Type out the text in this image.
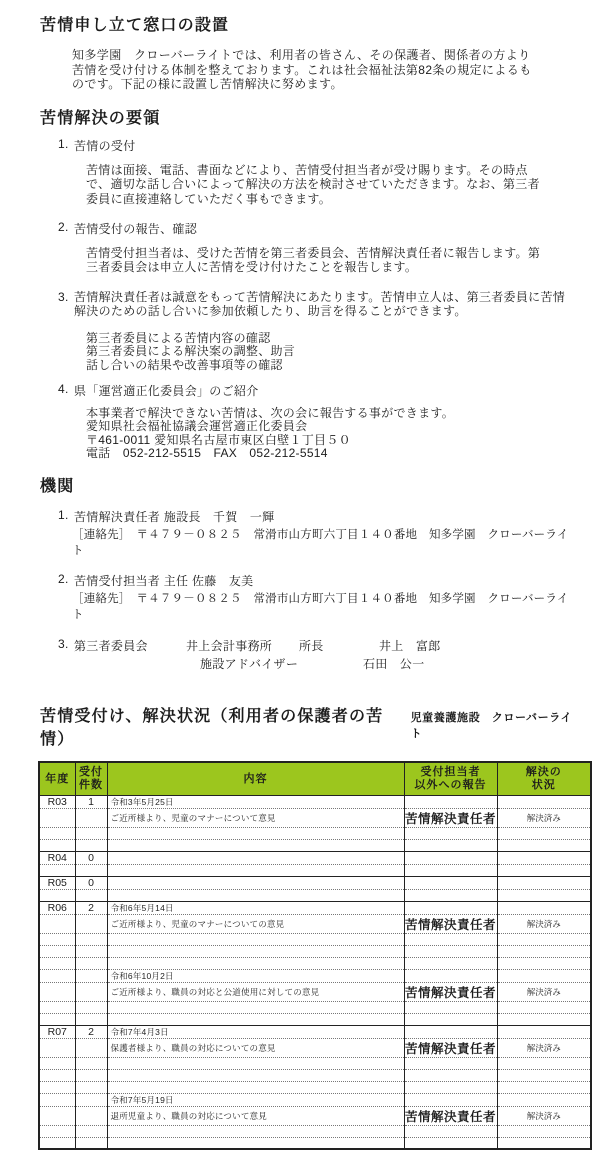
苦情申し立て窓口の設置

知多学園　クローバーライトでは、利用者の皆さん、その保護者、関係者の方より苦情を受け付ける体制を整えております。これは社会福祉法第82条の規定によるものです。下記の様に設置し苦情解決に努めます。

苦情解決の要領
1. 苦情の受付

苦情は面接、電話、書面などにより、苦情受付担当者が受け賜ります。その時点で、適切な話し合いによって解決の方法を検討させていただきます。なお、第三者委員に直接連絡していただく事もできます。

2. 苦情受付の報告、確認

苦情受付担当者は、受けた苦情を第三者委員会、苦情解決責任者に報告します。第三者委員会は申立人に苦情を受け付けたことを報告します。

3. 苦情解決責任者は誠意をもって苦情解決にあたります。苦情申立人は、第三者委員に苦情解決のための話し合いに参加依頼したり、助言を得ることができます。
第三者委員による苦情内容の確認
第三者委員による解決案の調整、助言
話し合いの結果や改善事項等の確認
4. 県「運営適正化委員会」のご紹介
本事業者で解決できない苦情は、次の会に報告する事ができます。
愛知県社会福祉協議会運営適正化委員会
〒461-0011 愛知県名古屋市東区白壁１丁目５０
電話　052-212-5515　FAX　052-212-5514
機関
1. 苦情解決責任者 施設長　千賀　一輝
［連絡先］　〒４７９－０８２５　常滑市山方町六丁目１４０番地　知多学園　クローバーライト
2. 苦情受付担当者 主任 佐藤　友美
［連絡先］　〒４７９－０８２５　常滑市山方町六丁目１４０番地　知多学園　クローバーライト
3. 第三者委員会	井上会計事務所	所長	井上　富郎
施設アドバイザー	石田　公一
苦情受付け、解決状況（利用者の保護者の苦情）
児童養護施設　クローバーライト
年度	受付
件数	内容	受付担当者
以外への報告	解決の
状況
R03	1	令和3年5月25日		
		ご近所様より、児童のマナーについて意見	苦情解決責任者	解決済み

R04	0			

R05	0			

R06	2	令和6年5月14日		
		ご近所様より、児童のマナーについての意見	苦情解決責任者	解決済み

		令和6年10月2日		
		ご近所様より、職員の対応と公道使用に対しての意見	苦情解決責任者	解決済み

R07	2	令和7年4月3日		
		保護者様より、職員の対応についての意見	苦情解決責任者	解決済み

		令和7年5月19日		
		退所児童より、職員の対応について意見	苦情解決責任者	解決済み
